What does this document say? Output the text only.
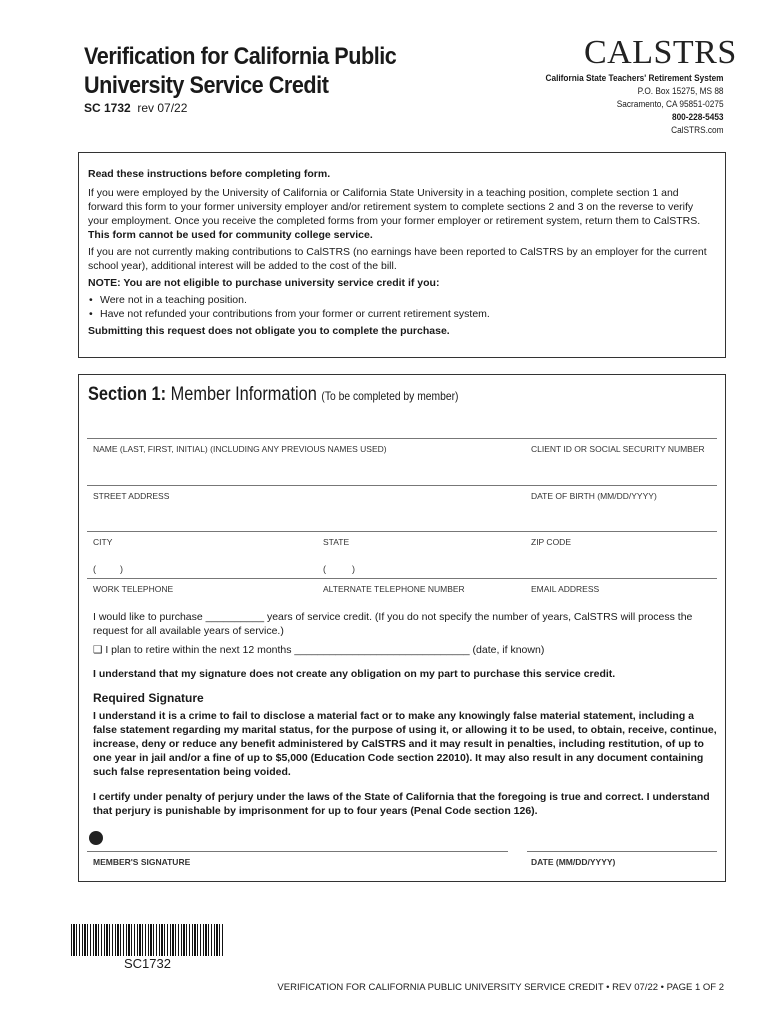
Verification for California Public
University Service Credit
SC 1732 rev 07/22
CALSTRS
California State Teachers' Retirement System
P.O. Box 15275, MS 88
Sacramento, CA 95851-0275
800-228-5453
CalSTRS.com

Read these instructions before completing form.

If you were employed by the University of California or California State University in a teaching position, complete section 1 and forward this form to your former university employer and/or retirement system to complete sections 2 and 3 on the reverse to verify your employment. Once you receive the completed forms from your former employer or retirement system, return them to CalSTRS. This form cannot be used for community college service.

If you are not currently making contributions to CalSTRS (no earnings have been reported to CalSTRS by an employer for the current school year), additional interest will be added to the cost of the bill.

NOTE: You are not eligible to purchase university service credit if you:

• Were not in a teaching position.
• Have not refunded your contributions from your former or current retirement system.

Submitting this request does not obligate you to complete the purchase.

Section 1: Member Information (To be completed by member)
NAME (LAST, FIRST, INITIAL) (INCLUDING ANY PREVIOUS NAMES USED)	CLIENT ID OR SOCIAL SECURITY NUMBER
STREET ADDRESS	DATE OF BIRTH (MM/DD/YYYY)
CITY	STATE	ZIP CODE
(	)	(	)
WORK TELEPHONE	ALTERNATE TELEPHONE NUMBER	EMAIL ADDRESS
I would like to purchase __________ years of service credit. (If you do not specify the number of years, CalSTRS will process the request for all available years of service.)
❑ I plan to retire within the next 12 months ______________________________ (date, if known)
I understand that my signature does not create any obligation on my part to purchase this service credit.
Required Signature
I understand it is a crime to fail to disclose a material fact or to make any knowingly false material statement, including a false statement regarding my marital status, for the purpose of using it, or allowing it to be used, to obtain, receive, continue, increase, deny or reduce any benefit administered by CalSTRS and it may result in penalties, including restitution, of up to one year in jail and/or a fine of up to $5,000 (Education Code section 22010). It may also result in any document containing such false representation being voided.
I certify under penalty of perjury under the laws of the State of California that the foregoing is true and correct. I understand that perjury is punishable by imprisonment for up to four years (Penal Code section 126).
MEMBER'S SIGNATURE	DATE (MM/DD/YYYY)
SC1732
VERIFICATION FOR CALIFORNIA PUBLIC UNIVERSITY SERVICE CREDIT • REV 07/22 • PAGE 1 OF 2
